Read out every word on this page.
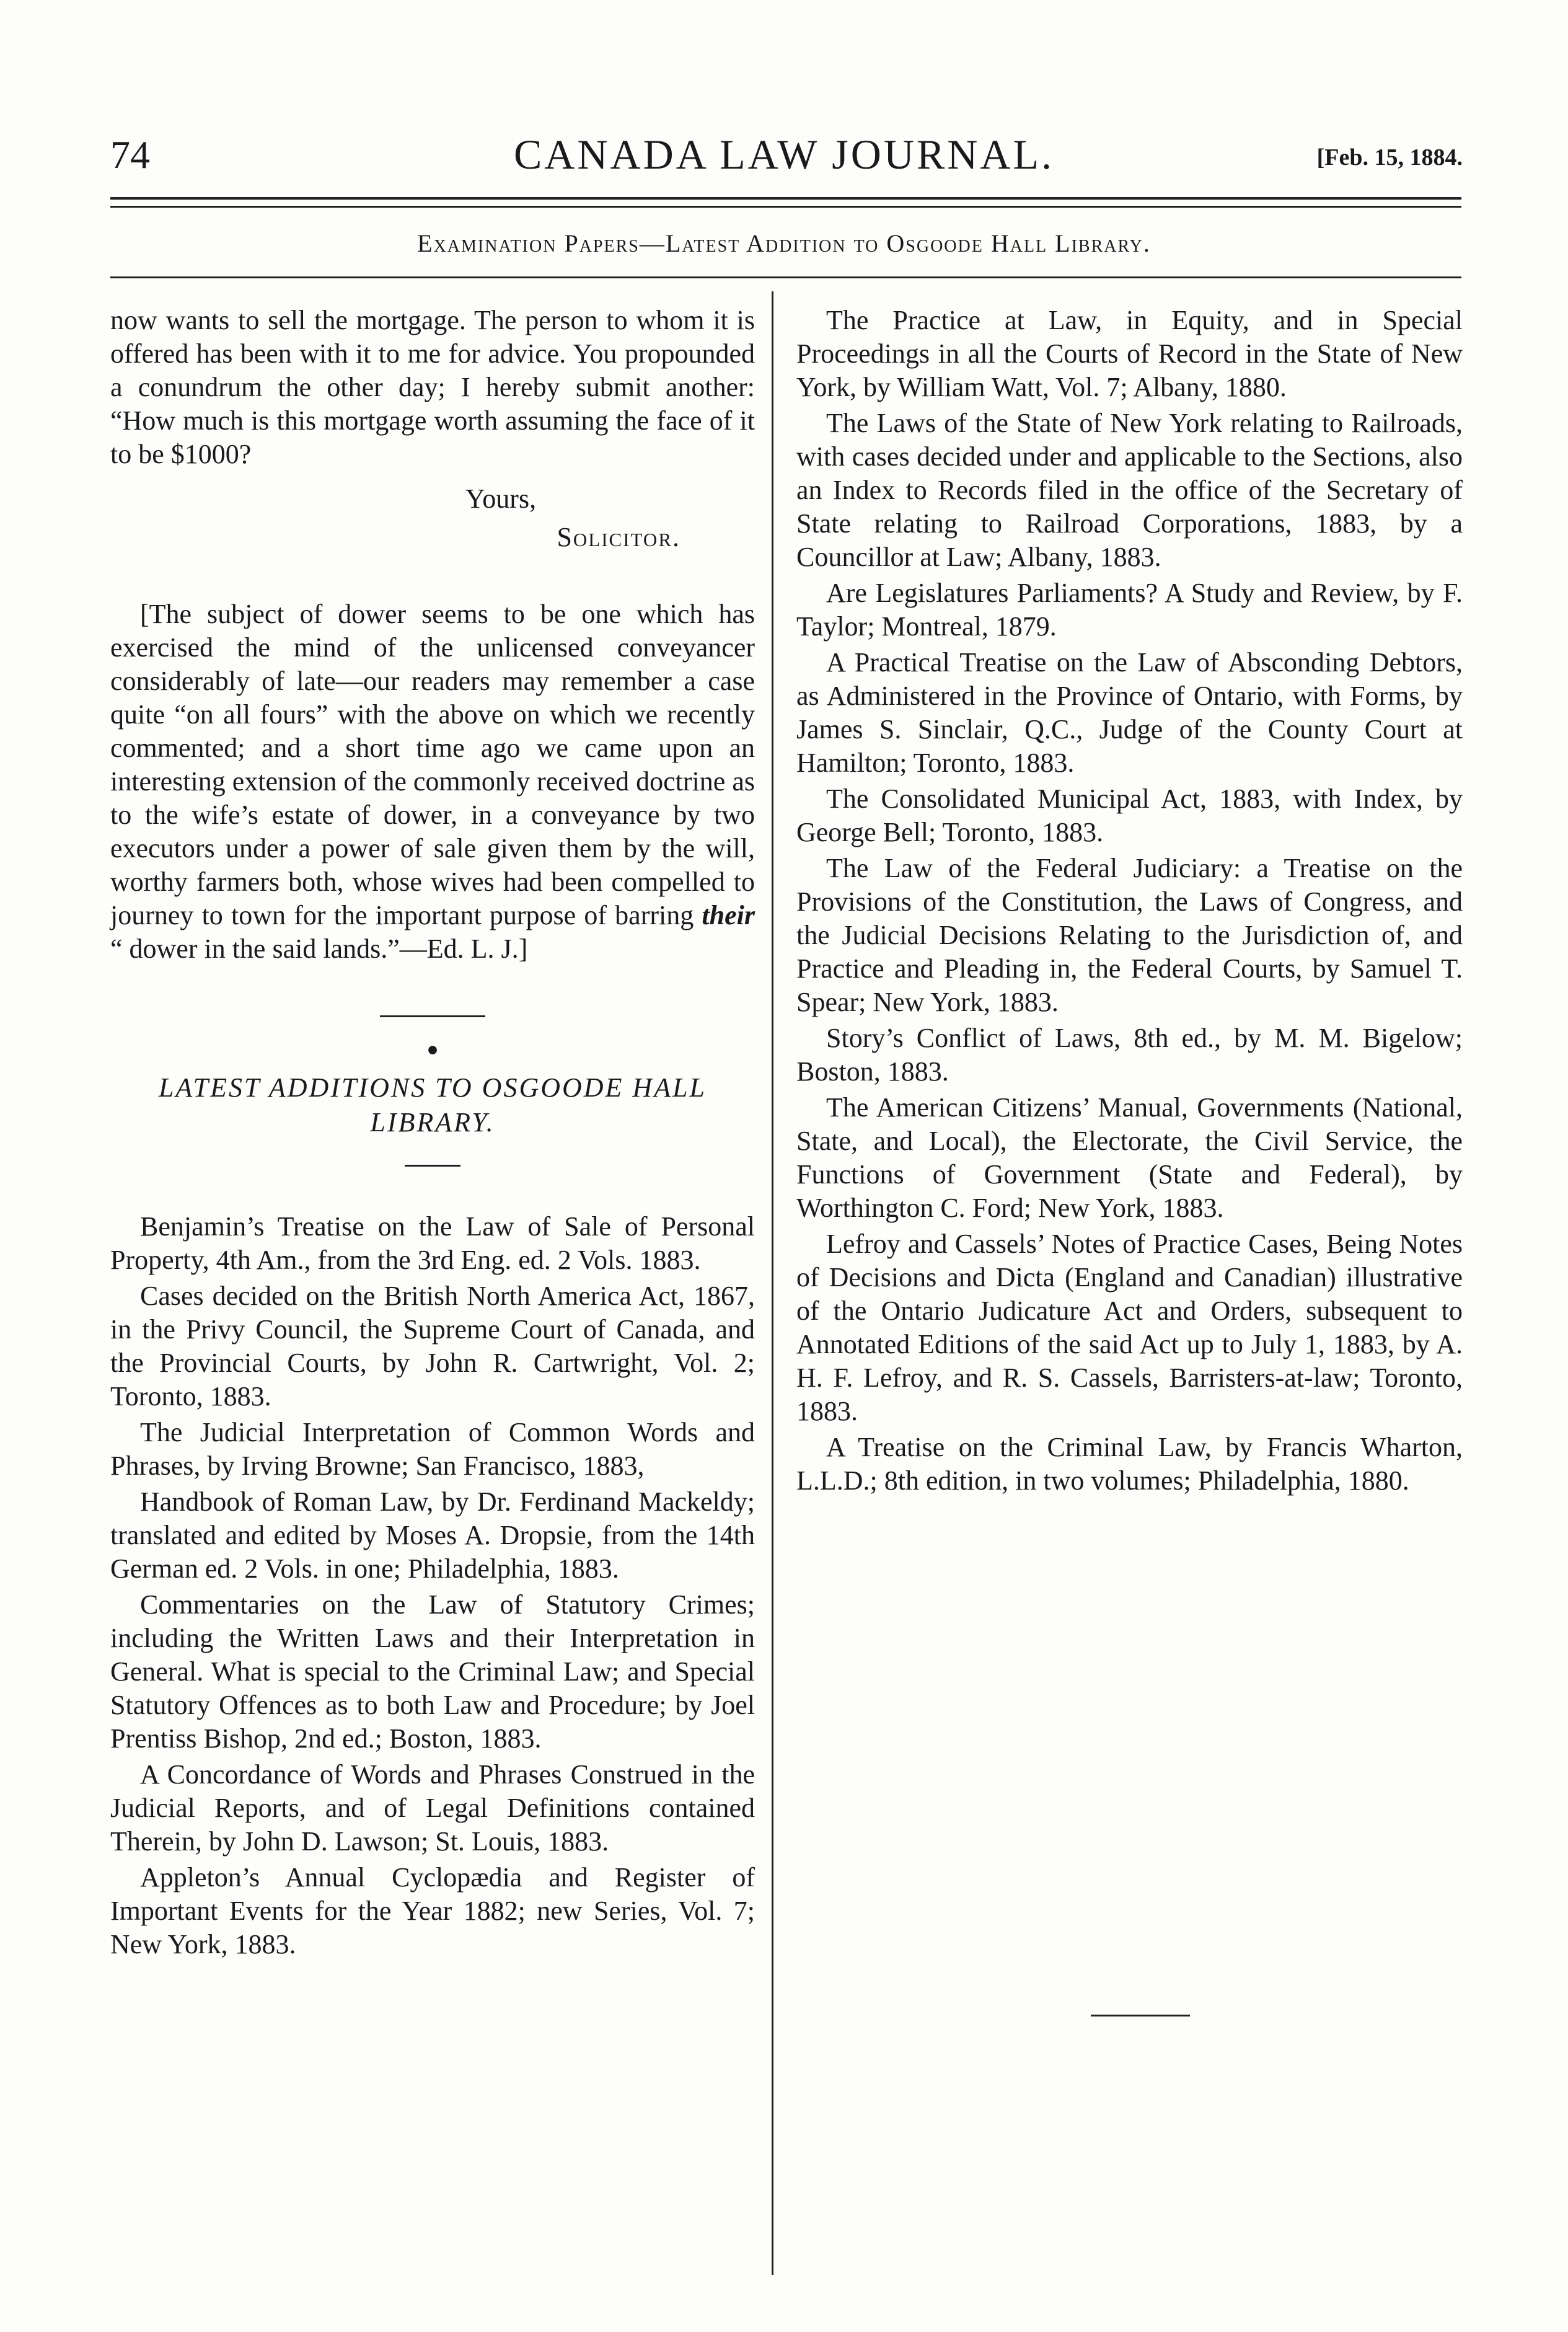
74	CANADA LAW JOURNAL.	[Feb. 15, 1884.
Examination Papers—Latest Addition to Osgoode Hall Library.

now wants to sell the mortgage. The person to whom it is offered has been with it to me for advice. You propounded a conundrum the other day; I hereby submit another: “How much is this mortgage worth assuming the face of it to be $1000?

Yours,

Solicitor.

[The subject of dower seems to be one which has exercised the mind of the unlicensed conveyancer considerably of late—our readers may remember a case quite “on all fours” with the above on which we recently commented; and a short time ago we came upon an interesting extension of the commonly received doctrine as to the wife’s estate of dower, in a conveyance by two executors under a power of sale given them by the will, worthy farmers both, whose wives had been compelled to journey to town for the important purpose of barring their “ dower in the said lands.”—Ed. L. J.]

●

LATEST ADDITIONS TO OSGOODE HALL LIBRARY.

Benjamin’s Treatise on the Law of Sale of Personal Property, 4th Am., from the 3rd Eng. ed. 2 Vols. 1883.

Cases decided on the British North America Act, 1867, in the Privy Council, the Supreme Court of Canada, and the Provincial Courts, by John R. Cartwright, Vol. 2; Toronto, 1883.

The Judicial Interpretation of Common Words and Phrases, by Irving Browne; San Francisco, 1883,

Handbook of Roman Law, by Dr. Ferdinand Mackeldy; translated and edited by Moses A. Dropsie, from the 14th German ed. 2 Vols. in one; Philadelphia, 1883.

Commentaries on the Law of Statutory Crimes; including the Written Laws and their Interpretation in General. What is special to the Criminal Law; and Special Statutory Offences as to both Law and Procedure; by Joel Prentiss Bishop, 2nd ed.; Boston, 1883.

A Concordance of Words and Phrases Construed in the Judicial Reports, and of Legal Definitions contained Therein, by John D. Lawson; St. Louis, 1883.

Appleton’s Annual Cyclopædia and Register of Important Events for the Year 1882; new Series, Vol. 7; New York, 1883.

The Practice at Law, in Equity, and in Special Proceedings in all the Courts of Record in the State of New York, by William Watt, Vol. 7; Albany, 1880.

The Laws of the State of New York relating to Railroads, with cases decided under and applicable to the Sections, also an Index to Records filed in the office of the Secretary of State relating to Railroad Corporations, 1883, by a Councillor at Law; Albany, 1883.

Are Legislatures Parliaments? A Study and Review, by F. Taylor; Montreal, 1879.

A Practical Treatise on the Law of Absconding Debtors, as Administered in the Province of Ontario, with Forms, by James S. Sinclair, Q.C., Judge of the County Court at Hamilton; Toronto, 1883.

The Consolidated Municipal Act, 1883, with Index, by George Bell; Toronto, 1883.

The Law of the Federal Judiciary: a Treatise on the Provisions of the Constitution, the Laws of Congress, and the Judicial Decisions Relating to the Jurisdiction of, and Practice and Pleading in, the Federal Courts, by Samuel T. Spear; New York, 1883.

Story’s Conflict of Laws, 8th ed., by M. M. Bigelow; Boston, 1883.

The American Citizens’ Manual, Governments (National, State, and Local), the Electorate, the Civil Service, the Functions of Government (State and Federal), by Worthington C. Ford; New York, 1883.

Lefroy and Cassels’ Notes of Practice Cases, Being Notes of Decisions and Dicta (England and Canadian) illustrative of the Ontario Judicature Act and Orders, subsequent to Annotated Editions of the said Act up to July 1, 1883, by A. H. F. Lefroy, and R. S. Cassels, Barristers-at-law; Toronto, 1883.

A Treatise on the Criminal Law, by Francis Wharton, L.L.D.; 8th edition, in two volumes; Philadelphia, 1880.
